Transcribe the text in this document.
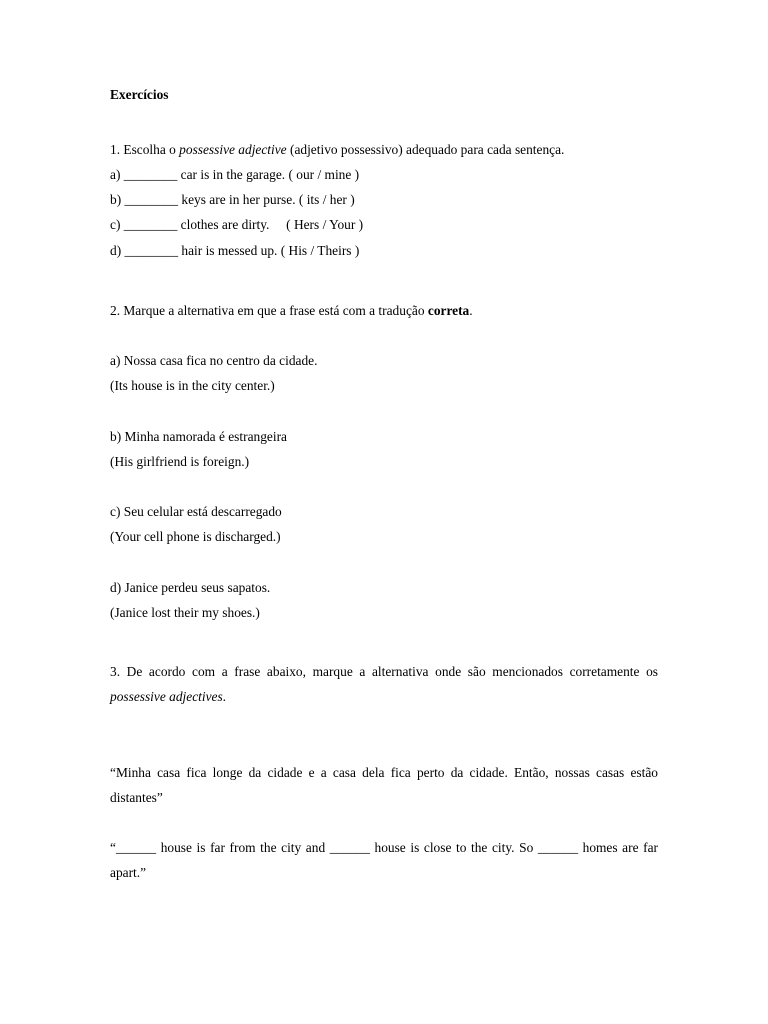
Exercícios
1. Escolha o possessive adjective (adjetivo possessivo) adequado para cada sentença.
a) ________ car is in the garage. ( our / mine )
b) ________ keys are in her purse. ( its / her )
c) ________ clothes are dirty.     ( Hers / Your )
d) ________ hair is messed up. ( His / Theirs )
2. Marque a alternativa em que a frase está com a tradução correta.
a) Nossa casa fica no centro da cidade.
(Its house is in the city center.)
b) Minha namorada é estrangeira
(His girlfriend is foreign.)
c) Seu celular está descarregado
(Your cell phone is discharged.)
d) Janice perdeu seus sapatos.
(Janice lost their my shoes.)
3. De acordo com a frase abaixo, marque a alternativa onde são mencionados corretamente os possessive adjectives.
“Minha casa fica longe da cidade e a casa dela fica perto da cidade. Então, nossas casas estão distantes”
“______ house is far from the city and ______ house is close to the city. So ______ homes are far apart.”
